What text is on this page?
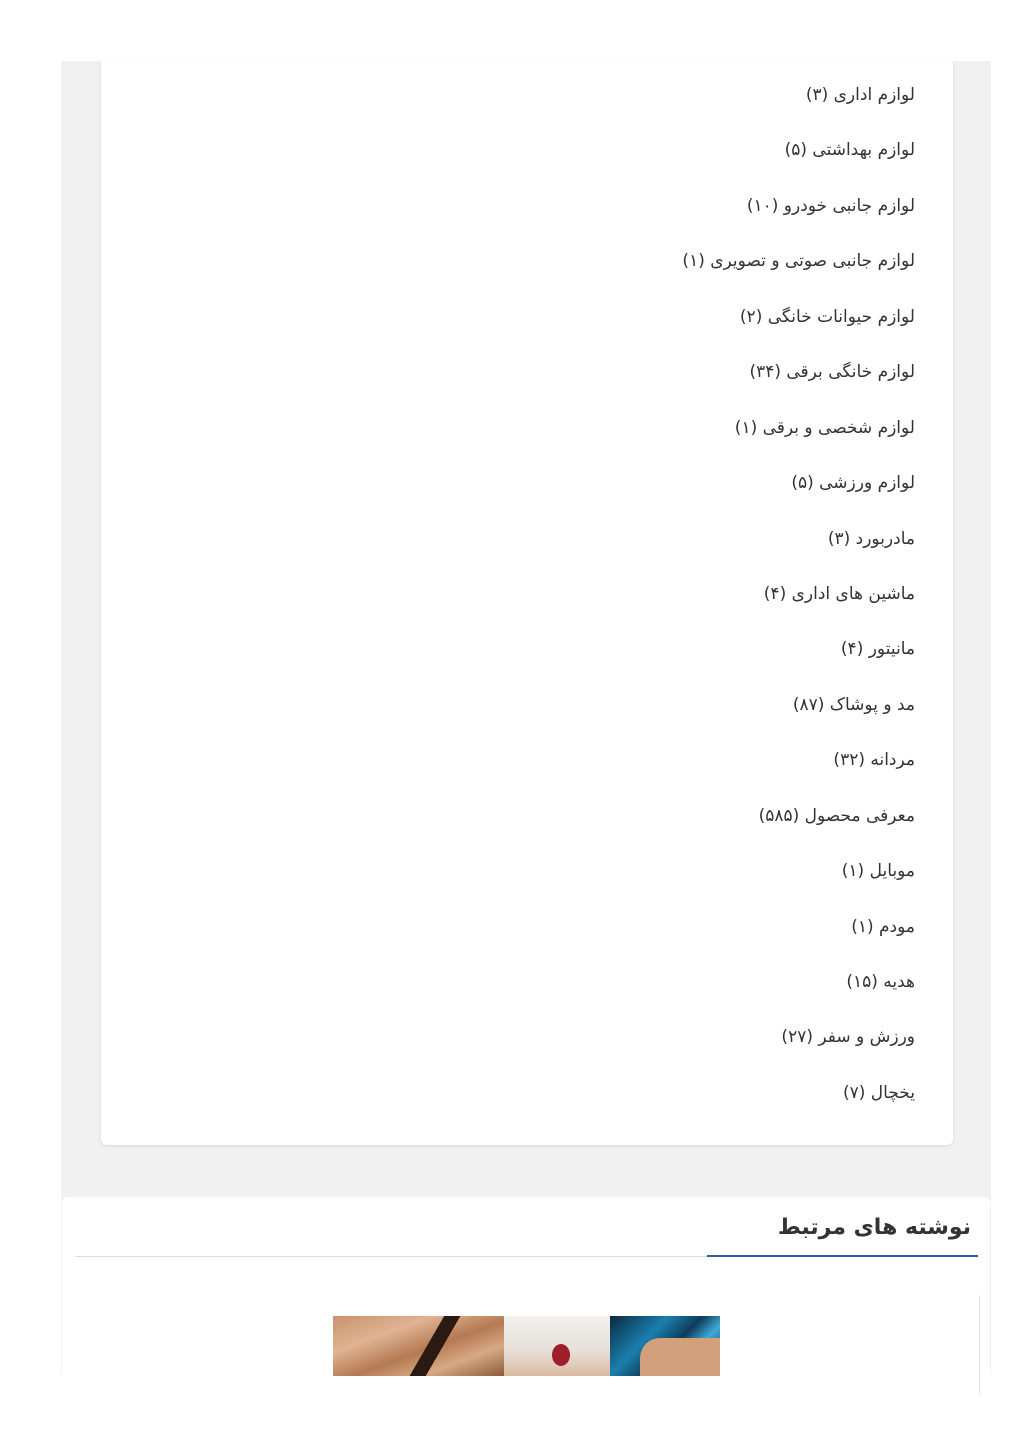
لوازم اداری (۳)
لوازم بهداشتی (۵)
لوازم جانبی خودرو (۱۰)
لوازم جانبی صوتی و تصویری (۱)
لوازم حیوانات خانگی (۲)
لوازم خانگی برقی (۳۴)
لوازم شخصی و برقی (۱)
لوازم ورزشی (۵)
مادربورد (۳)
ماشین های اداری (۴)
مانیتور (۴)
مد و پوشاک (۸۷)
مردانه (۳۲)
معرفی محصول (۵۸۵)
موبایل (۱)
مودم (۱)
هدیه (۱۵)
ورزش و سفر (۲۷)
یخچال (۷)
نوشته های مرتبط
